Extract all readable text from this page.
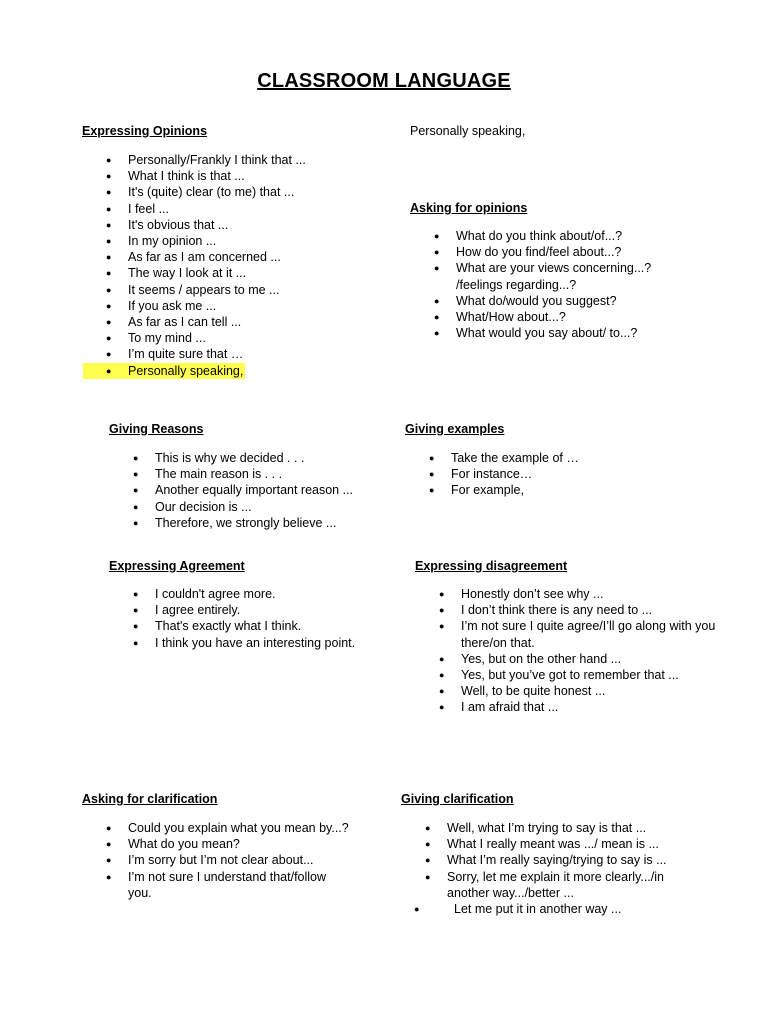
CLASSROOM LANGUAGE

Expressing Opinions

● Personally/Frankly I think that ...
● What I think is that ...
● It's (quite) clear (to me) that ...
● I feel ...
● It's obvious that ...
● In my opinion ...
● As far as I am concerned ...
● The way I look at it ...
● It seems / appears to me ...
● If you ask me ...
● As far as I can tell ...
● To my mind ...
● I’m quite sure that …
● Personally speaking,

Personally speaking,

Asking for opinions

● What do you think about/of...?
● How do you find/feel about...?
● What are your views concerning...? /feelings regarding...?
● What do/would you suggest?
● What/How about...?
● What would you say about/ to...?

Giving Reasons

● This is why we decided . . .
● The main reason is . . .
● Another equally important reason ...
● Our decision is ...
● Therefore, we strongly believe ...

Giving examples

● Take the example of …
● For instance…
● For example,

Expressing Agreement

● I couldn't agree more.
● I agree entirely.
● That's exactly what I think.
● I think you have an interesting point.

Expressing disagreement

● Honestly don’t see why ...
● I don’t think there is any need to ...
● I’m not sure I quite agree/I’ll go along with you there/on that.
● Yes, but on the other hand ...
● Yes, but you’ve got to remember that ...
● Well, to be quite honest ...
● I am afraid that ...

Asking for clarification

● Could you explain what you mean by...?
● What do you mean?
● I’m sorry but I’m not clear about...
● I’m not sure I understand that/follow you.

Giving clarification

● Well, what I’m trying to say is that ...
● What I really meant was .../ mean is ...
● What I’m really saying/trying to say is ...
● Sorry, let me explain it more clearly.../in another way.../better ...
● Let me put it in another way ...
